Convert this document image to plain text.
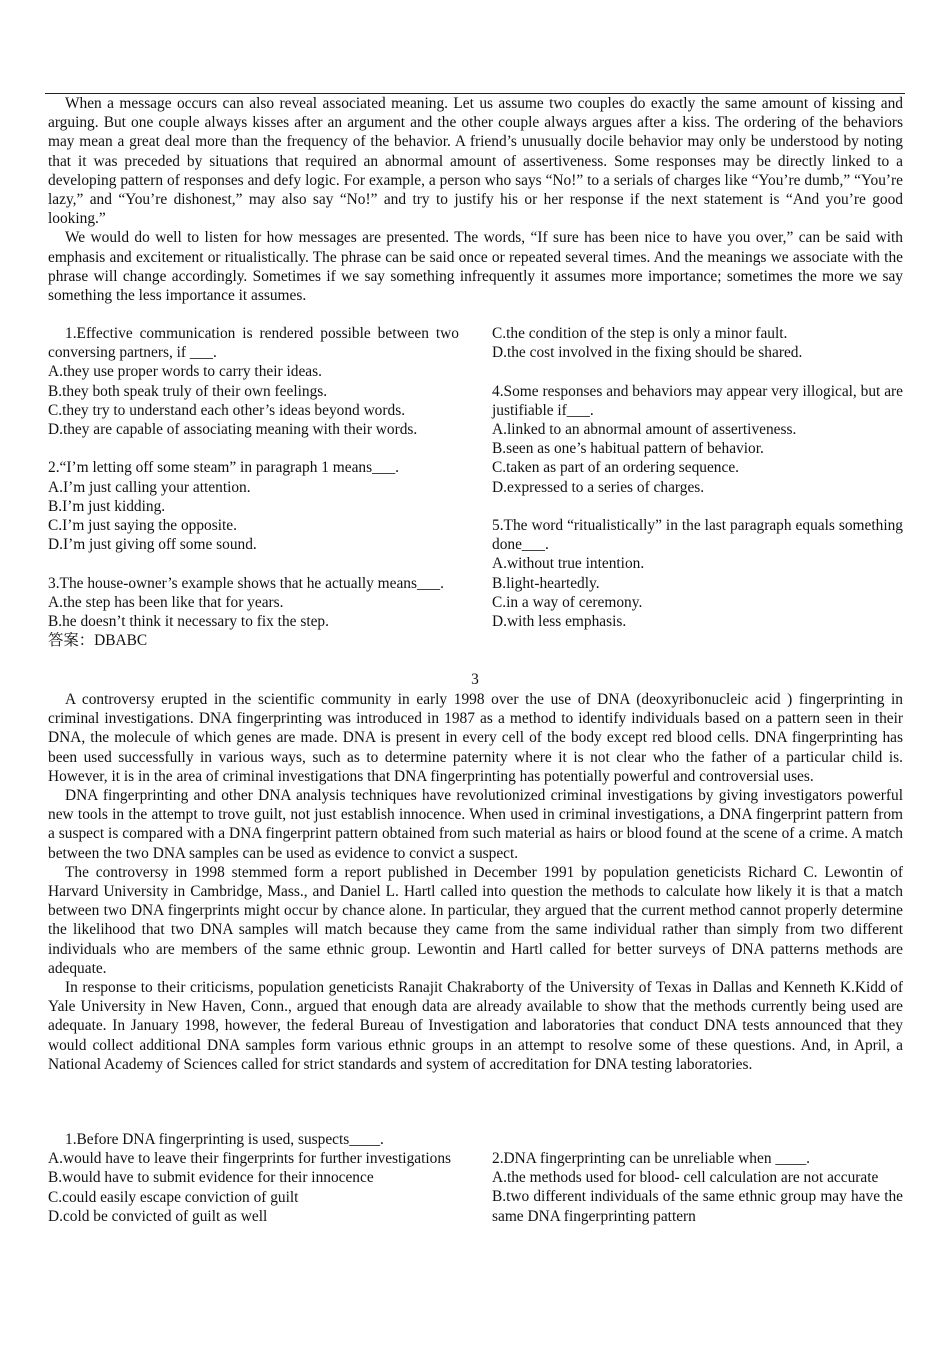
When a message occurs can also reveal associated meaning. Let us assume two couples do exactly the same amount of kissing and arguing. But one couple always kisses after an argument and the other couple always argues after a kiss. The ordering of the behaviors may mean a great deal more than the frequency of the behavior. A friend’s unusually docile behavior may only be understood by noting that it was preceded by situations that required an abnormal amount of assertiveness. Some responses may be directly linked to a developing pattern of responses and defy logic. For example, a person who says “No!” to a serials of charges like “You’re dumb,” “You’re lazy,” and “You’re dishonest,” may also say “No!” and try to justify his or her response if the next statement is “And you’re good looking.”

We would do well to listen for how messages are presented. The words, “If sure has been nice to have you over,” can be said with emphasis and excitement or ritualistically. The phrase can be said once or repeated several times. And the meanings we associate with the phrase will change accordingly. Sometimes if we say something infrequently it assumes more importance; sometimes the more we say something the less importance it assumes.

1.Effective communication is rendered possible between two conversing partners, if ___.
A.they use proper words to carry their ideas.
B.they both speak truly of their own feelings.
C.they try to understand each other’s ideas beyond words.
D.they are capable of associating meaning with their words.
2.“I’m letting off some steam” in paragraph 1 means___.
A.I’m just calling your attention.
B.I’m just kidding.
C.I’m just saying the opposite.
D.I’m just giving off some sound.
3.The house-owner’s example shows that he actually means___.
A.the step has been like that for years.
B.he doesn’t think it necessary to fix the step.
答案：DBABC
C.the condition of the step is only a minor fault.
D.the cost involved in the fixing should be shared.
4.Some responses and behaviors may appear very illogical, but are justifiable if___.
A.linked to an abnormal amount of assertiveness.
B.seen as one’s habitual pattern of behavior.
C.taken as part of an ordering sequence.
D.expressed to a series of charges.
5.The word “ritualistically” in the last paragraph equals something done___.
A.without true intention.
B.light-heartedly.
C.in a way of ceremony.
D.with less emphasis.
3

A controversy erupted in the scientific community in early 1998 over the use of DNA (deoxyribonucleic acid ) fingerprinting in criminal investigations. DNA fingerprinting was introduced in 1987 as a method to identify individuals based on a pattern seen in their DNA, the molecule of which genes are made. DNA is present in every cell of the body except red blood cells. DNA fingerprinting has been used successfully in various ways, such as to determine paternity where it is not clear who the father of a particular child is. However, it is in the area of criminal investigations that DNA fingerprinting has potentially powerful and controversial uses.

DNA fingerprinting and other DNA analysis techniques have revolutionized criminal investigations by giving investigators powerful new tools in the attempt to trove guilt, not just establish innocence. When used in criminal investigations, a DNA fingerprint pattern from a suspect is compared with a DNA fingerprint pattern obtained from such material as hairs or blood found at the scene of a crime. A match between the two DNA samples can be used as evidence to convict a suspect.

The controversy in 1998 stemmed form a report published in December 1991 by population geneticists Richard C. Lewontin of Harvard University in Cambridge, Mass., and Daniel L. Hartl called into question the methods to calculate how likely it is that a match between two DNA fingerprints might occur by chance alone. In particular, they argued that the current method cannot properly determine the likelihood that two DNA samples will match because they came from the same individual rather than simply from two different individuals who are members of the same ethnic group. Lewontin and Hartl called for better surveys of DNA patterns methods are adequate.

In response to their criticisms, population geneticists Ranajit Chakraborty of the University of Texas in Dallas and Kenneth K.Kidd of Yale University in New Haven, Conn., argued that enough data are already available to show that the methods currently being used are adequate. In January 1998, however, the federal Bureau of Investigation and laboratories that conduct DNA tests announced that they would collect additional DNA samples form various ethnic groups in an attempt to resolve some of these questions. And, in April, a National Academy of Sciences called for strict standards and system of accreditation for DNA testing laboratories.

1.Before DNA fingerprinting is used, suspects____.
A.would have to leave their fingerprints for further investigations
B.would have to submit evidence for their innocence
C.could easily escape conviction of guilt
D.cold be convicted of guilt as well
2.DNA fingerprinting can be unreliable when ____.
A.the methods used for blood- cell calculation are not accurate
B.two different individuals of the same ethnic group may have the same DNA fingerprinting pattern
